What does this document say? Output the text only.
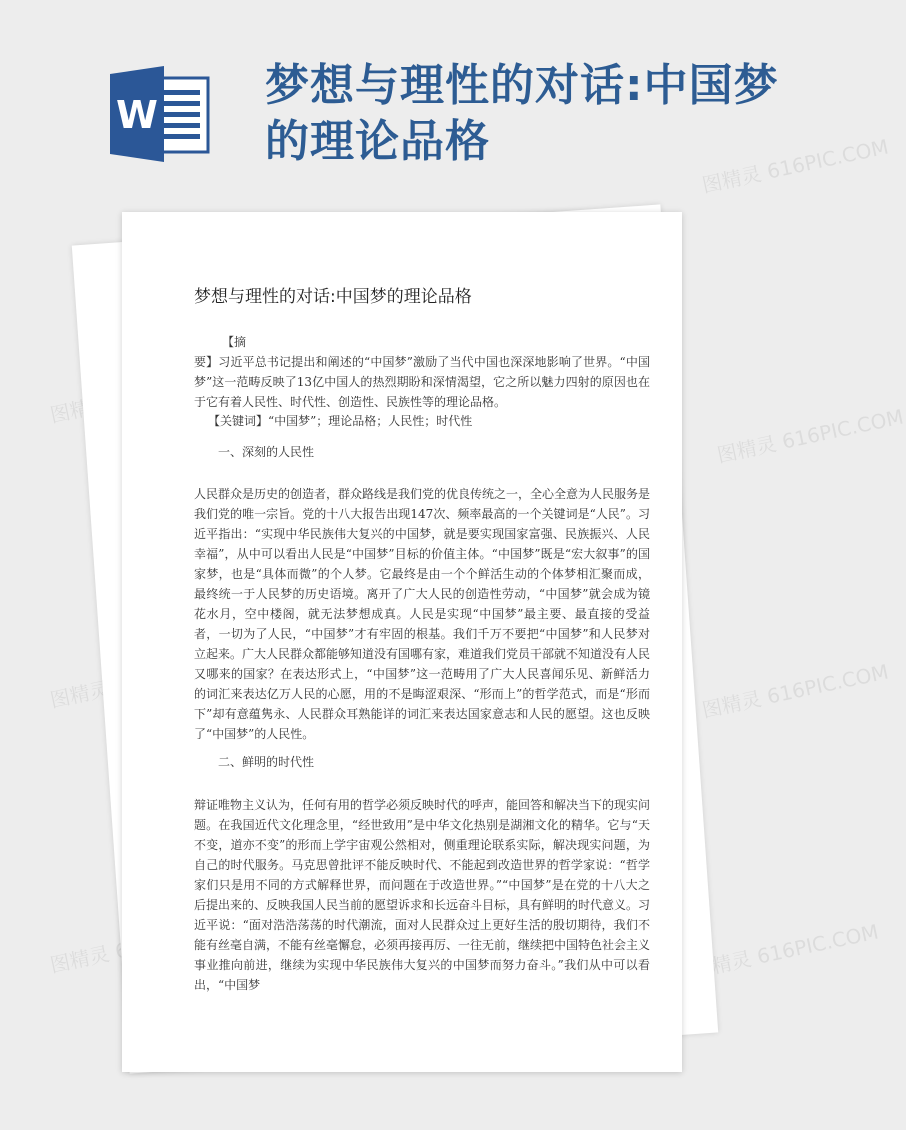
W
梦想与理性的对话:中国梦的理论品格	图精灵 616PIC.COM
图精灵	图精灵 616PIC.COM
图精灵	图精灵 616PIC.COM
图精灵	图精灵 616PIC.COM
梦想与理性的对话:中国梦的理论品格

【摘

要】习近平总书记提出和阐述的“中国梦”激励了当代中国也深深地影响了世界。“中国梦”这一范畴反映了13亿中国人的热烈期盼和深情渴望，它之所以魅力四射的原因也在于它有着人民性、时代性、创造性、民族性等的理论品格。

【关键词】“中国梦”；理论品格；人民性；时代性

一、深刻的人民性

人民群众是历史的创造者，群众路线是我们党的优良传统之一，全心全意为人民服务是我们党的唯一宗旨。党的十八大报告出现147次、频率最高的一个关键词是“人民”。习近平指出：“实现中华民族伟大复兴的中国梦，就是要实现国家富强、民族振兴、人民幸福”，从中可以看出人民是“中国梦”目标的价值主体。“中国梦”既是“宏大叙事”的国家梦，也是“具体而微”的个人梦。它最终是由一个个鲜活生动的个体梦相汇聚而成，最终统一于人民梦的历史语境。离开了广大人民的创造性劳动，“中国梦”就会成为镜花水月，空中楼阁，就无法梦想成真。人民是实现“中国梦”最主要、最直接的受益者，一切为了人民，“中国梦”才有牢固的根基。我们千万不要把“中国梦”和人民梦对立起来。广大人民群众都能够知道没有国哪有家，难道我们党员干部就不知道没有人民又哪来的国家？在表达形式上，“中国梦”这一范畴用了广大人民喜闻乐见、新鲜活力的词汇来表达亿万人民的心愿，用的不是晦涩艰深、“形而上”的哲学范式，而是“形而下”却有意蕴隽永、人民群众耳熟能详的词汇来表达国家意志和人民的愿望。这也反映了“中国梦”的人民性。

二、鲜明的时代性

辩证唯物主义认为，任何有用的哲学必须反映时代的呼声，能回答和解决当下的现实问题。在我国近代文化理念里，“经世致用”是中华文化热别是湖湘文化的精华。它与“天不变，道亦不变”的形而上学宇宙观公然相对，侧重理论联系实际，解决现实问题，为自己的时代服务。马克思曾批评不能反映时代、不能起到改造世界的哲学家说：“哲学家们只是用不同的方式解释世界，而问题在于改造世界。”“中国梦”是在党的十八大之后提出来的、反映我国人民当前的愿望诉求和长远奋斗目标，具有鲜明的时代意义。习近平说：“面对浩浩荡荡的时代潮流，面对人民群众过上更好生活的殷切期待，我们不能有丝毫自满，不能有丝毫懈怠，必须再接再厉、一往无前，继续把中国特色社会主义事业推向前进，继续为实现中华民族伟大复兴的中国梦而努力奋斗。”我们从中可以看出，“中国梦
